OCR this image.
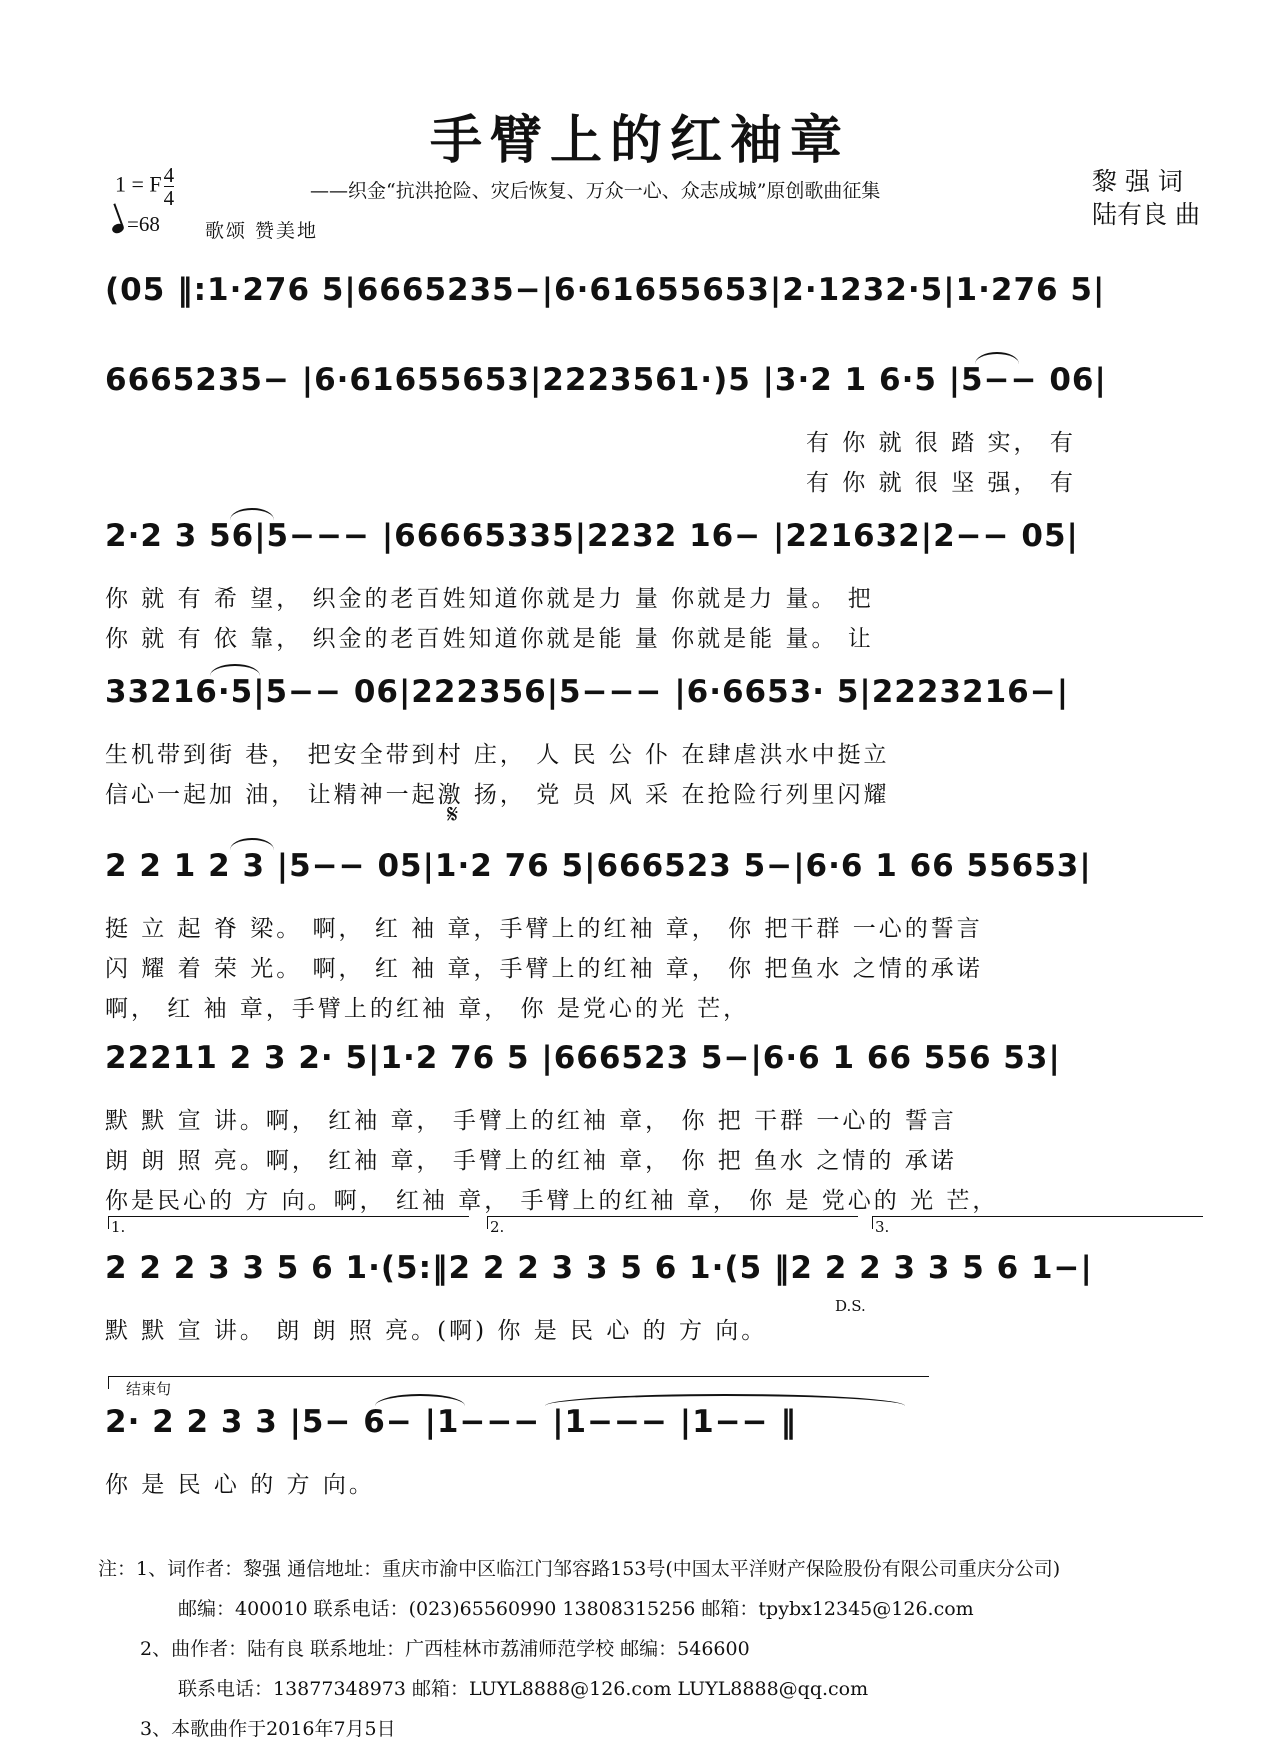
手臂上的红袖章
1 = F $\frac{4}{4}$
=68 歌颂 赞美地
——织金“抗洪抢险、灾后恢复、万众一心、众志成城”原创歌曲征集	黎 强 词
陆有良 曲
(05 ‖:1·276 5|6665235−|6·61655653|2·1232·5|1·276 5|
6665235− |6·61655653|2223561·)5 |3·2 1 6·5 |5−− 06|
有 你 就 很 踏 实， 有
有 你 就 很 坚 强， 有
2·2 3 56|5−−− |66665335|2232 16− |221632|2−− 05|
你 就 有 希 望， 织金的老百姓知道你就是力 量 你就是力 量。 把
你 就 有 依 靠， 织金的老百姓知道你就是能 量 你就是能 量。 让
33216·5|5−− 06|222356|5−−− |6·6653· 5|2223216−|
生机带到街 巷， 把安全带到村 庄， 人 民 公 仆 在肆虐洪水中挺立
信心一起加 油， 让精神一起激 扬， 党 员 风 采 在抢险行列里闪耀
𝄋
2 2 1 2 3 |5−− 05|1·2 76 5|666523 5−|6·6 1 66 55653|
挺 立 起 脊 梁。 啊， 红 袖 章，手臂上的红袖 章， 你 把干群 一心的誓言
闪 耀 着 荣 光。 啊， 红 袖 章，手臂上的红袖 章， 你 把鱼水 之情的承诺
啊， 红 袖 章，手臂上的红袖 章， 你 是党心的光 芒，
22211 2 3 2· 5|1·2 76 5 |666523 5−|6·6 1 66 556 53|
默 默 宣 讲。啊， 红袖 章， 手臂上的红袖 章， 你 把 干群 一心的 誓言
朗 朗 照 亮。啊， 红袖 章， 手臂上的红袖 章， 你 把 鱼水 之情的 承诺
你是民心的 方 向。啊， 红袖 章， 手臂上的红袖 章， 你 是 党心的 光 芒，
1.	2.	3.
2 2 2 3 3 5 6 1·(5:‖2 2 2 3 3 5 6 1·(5 ‖2 2 2 3 3 5 6 1−|
D.S.
默 默 宣 讲。 朗 朗 照 亮。(啊) 你 是 民 心 的 方 向。
结束句
2· 2 2 3 3 |5− 6− |1−−− |1−−− |1−− ‖
你 是 民 心 的 方 向。
注：1、词作者：黎强 通信地址：重庆市渝中区临江门邹容路153号(中国太平洋财产保险股份有限公司重庆分公司)
邮编：400010 联系电话：(023)65560990 13808315256 邮箱：tpybx12345@126.com
2、曲作者：陆有良 联系地址：广西桂林市荔浦师范学校 邮编：546600
联系电话：13877348973 邮箱：LUYL8888@126.com LUYL8888@qq.com
3、本歌曲作于2016年7月5日
